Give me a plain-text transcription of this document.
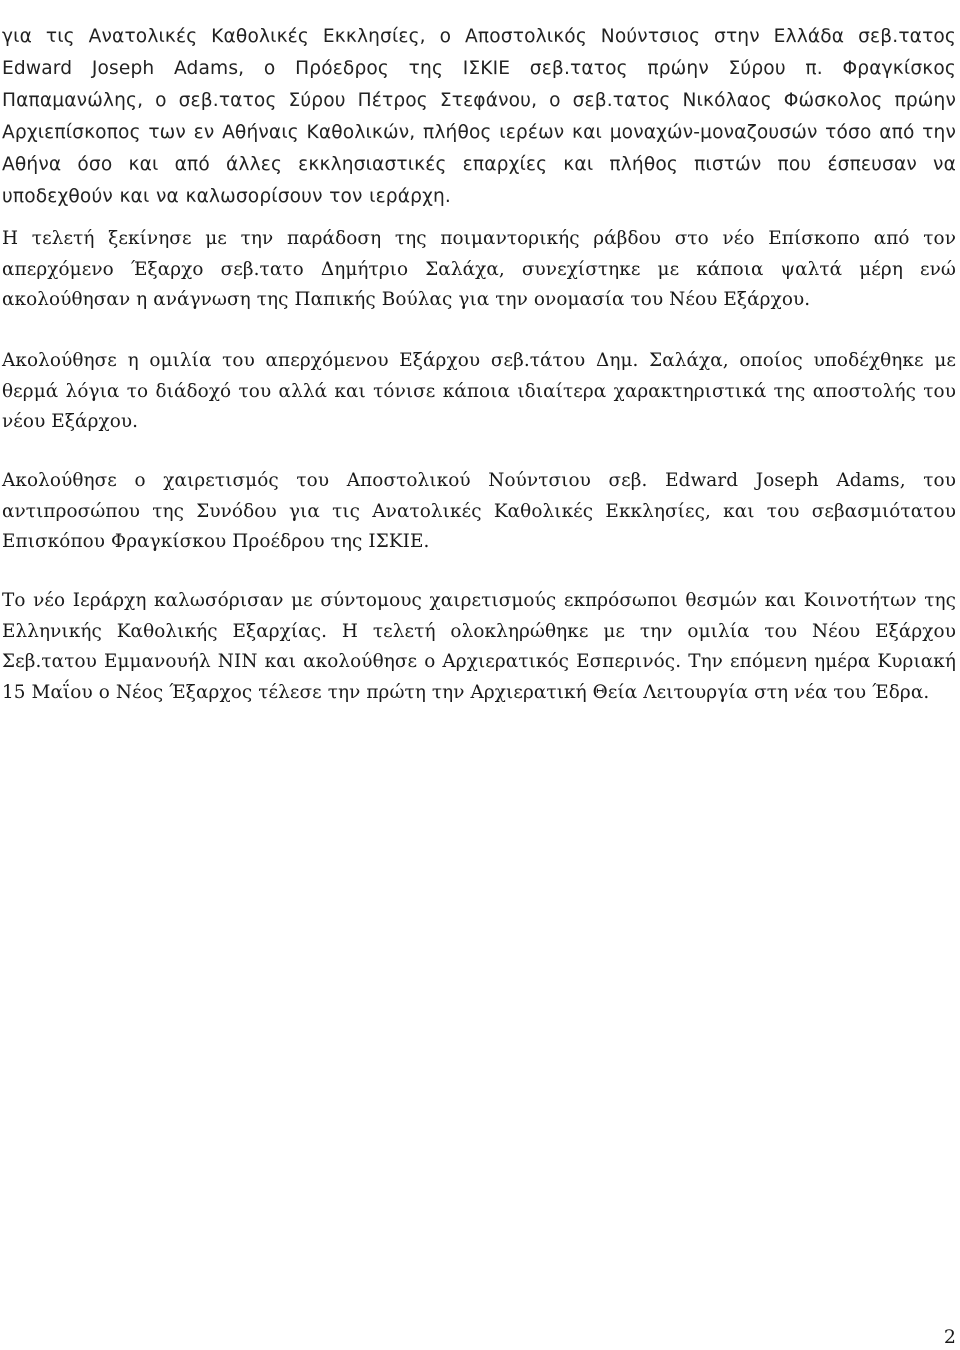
για τις Ανατολικές Καθολικές Εκκλησίες, ο Αποστολικός Νούντσιος στην Ελλάδα σεβ.τατος Edward Joseph Adams, ο Πρόεδρος της ΙΣΚΙΕ σεβ.τατος πρώην Σύρου π. Φραγκίσκος Παπαμανώλης, ο σεβ.τατος Σύρου Πέτρος Στεφάνου, ο σεβ.τατος Νικόλαος Φώσκολος πρώην Αρχιεπίσκοπος των εν Αθήναις Καθολικών, πλήθος ιερέων και μοναχών-μοναζουσών τόσο από την Αθήνα όσο και από άλλες εκκλησιαστικές επαρχίες και πλήθος πιστών που έσπευσαν να υποδεχθούν και να καλωσορίσουν τον ιεράρχη.

Η τελετή ξεκίνησε με την παράδοση της ποιμαντορικής ράβδου στο νέο Επίσκοπο από τον απερχόμενο Έξαρχο σεβ.τατο Δημήτριο Σαλάχα, συνεχίστηκε με κάποια ψαλτά μέρη ενώ ακολούθησαν η ανάγνωση της Παπικής Βούλας για την ονομασία του Νέου Εξάρχου.

Ακολούθησε η ομιλία του απερχόμενου Εξάρχου σεβ.τάτου Δημ. Σαλάχα, οποίος υποδέχθηκε με θερμά λόγια το διάδοχό του αλλά και τόνισε κάποια ιδιαίτερα χαρακτηριστικά της αποστολής του νέου Εξάρχου.

Ακολούθησε ο χαιρετισμός του Αποστολικού Νούντσιου σεβ. Edward Joseph Adams, του αντιπροσώπου της Συνόδου για τις Ανατολικές Καθολικές Εκκλησίες, και του σεβασμιότατου Επισκόπου Φραγκίσκου Προέδρου της ΙΣΚΙΕ.

Το νέο Ιεράρχη καλωσόρισαν με σύντομους χαιρετισμούς εκπρόσωποι θεσμών και Κοινοτήτων της Ελληνικής Καθολικής Εξαρχίας. Η τελετή ολοκληρώθηκε με την ομιλία του Νέου Εξάρχου Σεβ.τατου Εμμανουήλ ΝΙΝ και ακολούθησε ο Αρχιερατικός Εσπερινός. Την επόμενη ημέρα Κυριακή 15 Μαΐου ο Νέος Έξαρχος τέλεσε την πρώτη την Αρχιερατική Θεία Λειτουργία στη νέα του Έδρα.

2
